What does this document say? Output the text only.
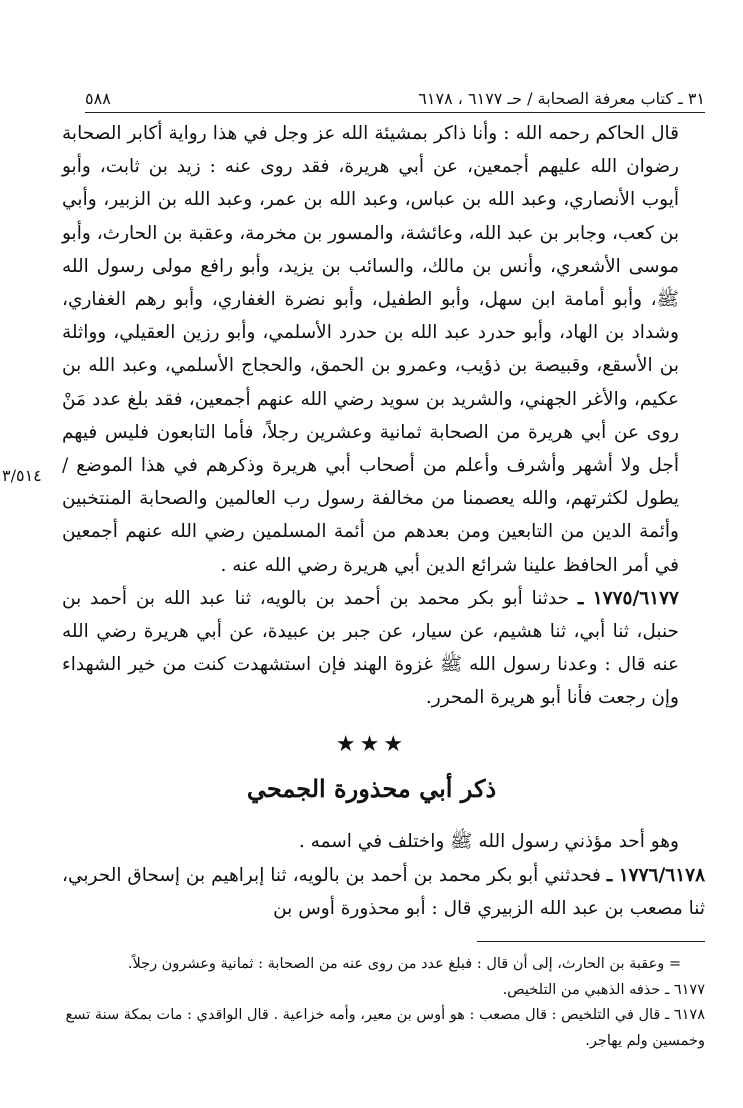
٥٨٨	٣١ ـ كتاب معرفة الصحابة / حـ ٦١٧٧ ، ٦١٧٨

قال الحاكم رحمه الله : وأنا ذاكر بمشيئة الله عز وجل في هذا رواية أكابر الصحابة رضوان الله عليهم أجمعين، عن أبي هريرة، فقد روى عنه : زيد بن ثابت، وأبو أيوب الأنصاري، وعبد الله بن عباس، وعبد الله بن عمر، وعبد الله بن الزبير، وأبي بن كعب، وجابر بن عبد الله، وعائشة، والمسور بن مخرمة، وعقبة بن الحارث، وأبو موسى الأشعري، وأنس بن مالك، والسائب بن يزيد، وأبو رافع مولى رسول الله ﷺ، وأبو أمامة ابن سهل، وأبو الطفيل، وأبو نضرة الغفاري، وأبو رهم الغفاري، وشداد بن الهاد، وأبو حدرد عبد الله بن حدرد الأسلمي، وأبو رزين العقيلي، وواثلة بن الأسقع، وقبيصة بن ذؤيب، وعمرو بن الحمق، والحجاج الأسلمي، وعبد الله بن عكيم، والأغر الجهني، والشريد بن سويد رضي الله عنهم أجمعين، فقد بلغ عدد مَنْ روى عن أبي هريرة من الصحابة ثمانية وعشرين رجلاً، فأما التابعون فليس فيهم أجل ولا أشهر وأشرف وأعلم من أصحاب أبي هريرة وذكرهم في هذا الموضع / يطول لكثرتهم، والله يعصمنا من مخالفة رسول رب العالمين والصحابة المنتخبين وأئمة الدين من التابعين ومن بعدهم من أئمة المسلمين رضي الله عنهم أجمعين في أمر الحافظ علينا شرائع الدين أبي هريرة رضي الله عنه .

١٧٧٥/٦١٧٧ ـ حدثنا أبو بكر محمد بن أحمد بن بالويه، ثنا عبد الله بن أحمد بن حنبل، ثنا أبي، ثنا هشيم، عن سيار، عن جبر بن عبيدة، عن أبي هريرة رضي الله عنه قال : وعدنا رسول الله ﷺ غزوة الهند فإن استشهدت كنت من خير الشهداء وإن رجعت فأنا أبو هريرة المحرر.

٣/٥١٤
★★★
ذكر أبي محذورة الجمحي

وهو أحد مؤذني رسول الله ﷺ واختلف في اسمه .

١٧٧٦/٦١٧٨ ـ فحدثني أبو بكر محمد بن أحمد بن بالويه، ثنا إبراهيم بن إسحاق الحربي، ثنا مصعب بن عبد الله الزبيري قال : أبو محذورة أوس بن

= وعقبة بن الحارث، إلى أن قال : فبلغ عدد من روى عنه من الصحابة : ثمانية وعشرون رجلاً.

٦١٧٧ ـ حذفه الذهبي من التلخيص.

٦١٧٨ ـ قال في التلخيص : قال مصعب : هو أوس بن معير، وأمه خزاعية . قال الواقدي : مات بمكة سنة تسع وخمسين ولم يهاجر.
